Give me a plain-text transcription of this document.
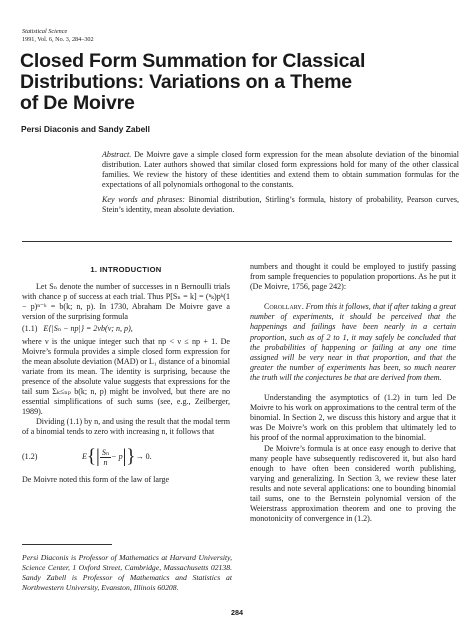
Statistical Science
1991, Vol. 6, No. 3, 284–302
Closed Form Summation for Classical
Distributions: Variations on a Theme
of De Moivre
Persi Diaconis and Sandy Zabell

Abstract. De Moivre gave a simple closed form expression for the mean absolute deviation of the binomial distribution. Later authors showed that similar closed form expressions hold for many of the other classical families. We review the history of these identities and extend them to obtain summation formulas for the expectations of all polynomials orthogonal to the constants.

Key words and phrases: Binomial distribution, Stirling’s formula, history of probability, Pearson curves, Stein’s identity, mean absolute deviation.

1. INTRODUCTION

Let Sₙ denote the number of successes in n Bernoulli trials with chance p of success at each trial. Thus P[Sₙ = k] = (ⁿₖ)pᵏ(1 − p)ⁿ⁻ᵏ = b(k; n, p). In 1730, Abraham De Moivre gave a version of the surprising formula

(1.1) E{|Sₙ − np|} = 2νb(ν; n, p),

where ν is the unique integer such that np < ν ≤ np + 1. De Moivre’s formula provides a simple closed form expression for the mean absolute deviation (MAD) or L₁ distance of a binomial variate from its mean. The identity is surprising, because the presence of the absolute value suggests that expressions for the tail sum Σₖ≤ₙₚ b(k; n, p) might be involved, but there are no essential simplifications of such sums (see, e.g., Zeilberger, 1989).

Dividing (1.1) by n, and using the result that the modal term of a binomial tends to zero with increasing n, it follows that

(1.2)	E {| $\frac{\text{Sₙ}}{n} - p$ |} → 0.

De Moivre noted this form of the law of large

numbers and thought it could be employed to justify passing from sample frequencies to population proportions. As he put it (De Moivre, 1756, page 242):

Corollary. From this it follows, that if after taking a great number of experiments, it should be perceived that the happenings and failings have been nearly in a certain proportion, such as of 2 to 1, it may safely be concluded that the probabilities of happening or failing at any one time assigned will be very near in that proportion, and that the greater the number of experiments has been, so much nearer the truth will the conjectures be that are derived from them.

Understanding the asymptotics of (1.2) in turn led De Moivre to his work on approximations to the central term of the binomial. In Section 2, we discuss this history and argue that it was De Moivre’s work on this problem that ultimately led to his proof of the normal approximation to the binomial.

De Moivre’s formula is at once easy enough to derive that many people have subsequently rediscovered it, but also hard enough to have often been considered worth publishing, varying and generalizing. In Section 3, we review these later results and note several applications: one to bounding binomial tail sums, one to the Bernstein polynomial version of the Weierstrass approximation theorem and one to proving the monotonicity of convergence in (1.2).

Persi Diaconis is Professor of Mathematics at Harvard University, Science Center, 1 Oxford Street, Cambridge, Massachusetts 02138. Sandy Zabell is Professor of Mathematics and Statistics at Northwestern University, Evanston, Illinois 60208.

284
